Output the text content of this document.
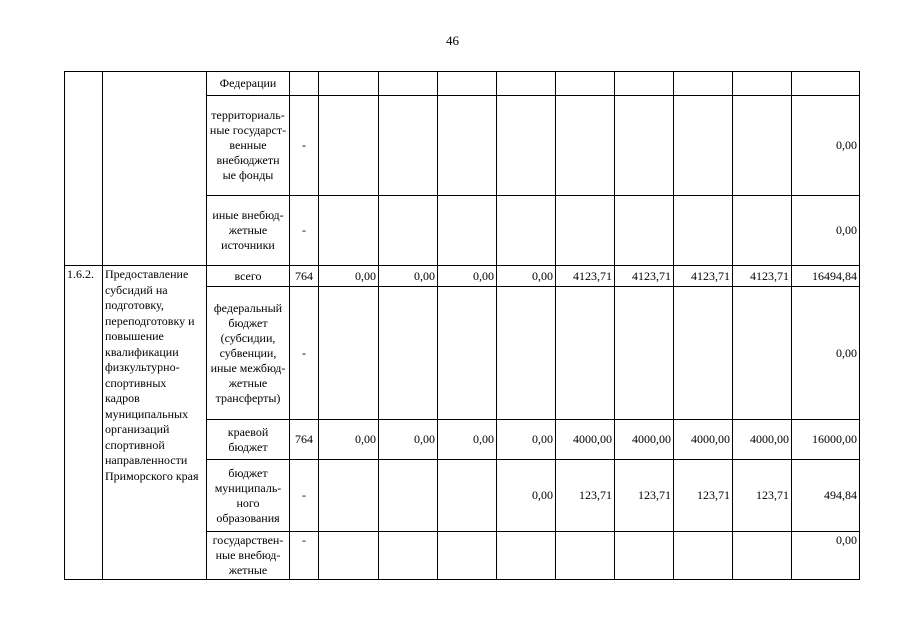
46
		Федерации										
		территориаль-ные государст-венные внебюджетн ые фонды	-									0,00
		иные внебюд-жетные источники	-									0,00
1.6.2.	Предоставление субсидий на подготовку, переподготовку и повышение квалификации физкультурно-спортивных кадров муниципальных организаций спортивной направленности Приморского края	всего	764	0,00	0,00	0,00	0,00	4123,71	4123,71	4123,71	4123,71	16494,84
		федеральный бюджет (субсидии, субвенции, иные межбюд-жетные трансферты)	-									0,00
		краевой бюджет	764	0,00	0,00	0,00	0,00	4000,00	4000,00	4000,00	4000,00	16000,00
		бюджет муниципаль-ного образования	-				0,00	123,71	123,71	123,71	123,71	494,84
		государствен-ные внебюд-жетные	-									0,00
